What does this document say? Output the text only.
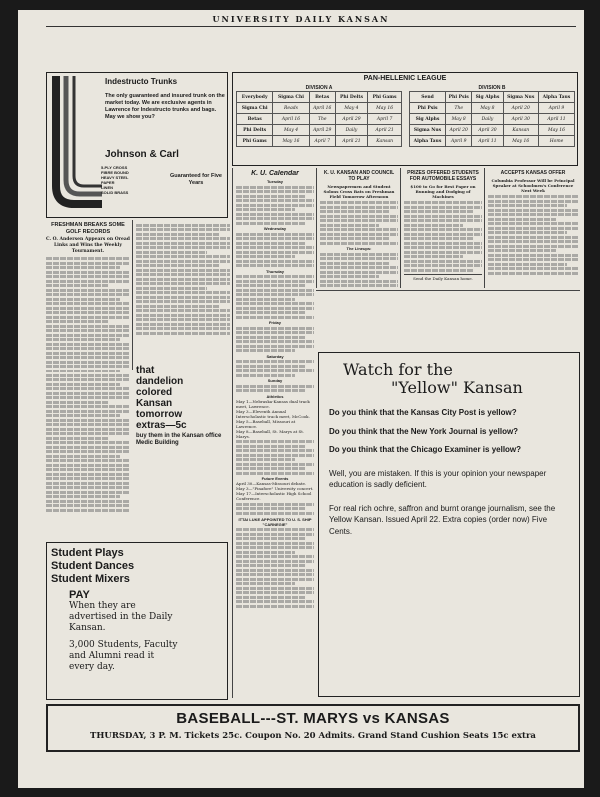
UNIVERSITY DAILY KANSAN
Indestructo Trunks
The only guaranteed and insured trunk on the market today. We are exclusive agents in Lawrence for Indestructo trunks and bags. May we show you?
Johnson & Carl
Guaranteed for Five Years
5-PLY CROSS
FIBRE BOUND
HEAVY STEEL
PAPER
LINEN
SOLID BRASS
PAN-HELLENIC LEAGUE
DIVISION A
Everybody	Sigma Chi	Betas	Phi Delts	Phi Gams
Sigma Chi	Reads	April 16	May 4	May 16
Betas	April 16	The	April 29	April 7
Phi Delts	May 4	April 29	Daily	April 21
Phi Gams	May 16	April 7	April 21	Kansan
DIVISION B
Send	Phi Psis	Sig Alphs	Sigma Nus	Alpha Taus
Phi Psis	The	May 8	April 20	April 9
Sig Alphs	May 8	Daily	April 30	April 11
Sigma Nus	April 20	April 30	Kansan	May 16
Alpha Taus	April 9	April 11	May 16	Home
FRESHMAN BREAKS SOME GOLF RECORDS
C. O. Andersen Appears on Oread Links and Wins the Weekly Tournament.
that
dandelion
colored
Kansan
tomorrow
extras—5c
buy them in the Kansan office Medic Building
Student Plays
Student Dances
Student Mixers
PAY
When they are advertised in the Daily Kansan.
3,000 Students, Faculty and Alumni read it every day.
K. U. Calendar
Tuesday
Wednesday
Thursday
Friday
Saturday
Sunday
Athletics
May 1—Nebraska-Kansas dual track meet, Lawrence.
May 3—Eleventh Annual Interscholastic track meet, McCook.
May 5—Baseball, Missouri at Lawrence.
May 8—Baseball, St. Marys at St. Marys.
Future Events
April 30—Kansas-Missouri debate.
May 3—"Pinafore" University concert.
May 17—Interscholastic High School Conference.
ITTAI LUKE APPOINTED TO U. S. SHIP "CARNEGIE"
K. U. KANSAN AND COUNCIL TO PLAY
Newspapermen and Student Solons Cross Bats on Freshman Field Tomorrow Afternoon
The Lineups:
PRIZES OFFERED STUDENTS FOR AUTOMOBILE ESSAYS
$100 to Go for Best Paper on Running and Dodging of Machines
Send the Daily Kansan home.
ACCEPTS KANSAS OFFER
Columbia Professor Will be Principal Speaker at Schoolmen's Conference Next Week
Watch for the
"Yellow" Kansan

Do you think that the Kansas City Post is yellow?

Do you think that the New York Journal is yellow?

Do you think that the Chicago Examiner is yellow?

Well, you are mistaken. If this is your opinion your newspaper education is sadly deficient.

For real rich ochre, saffron and burnt orange journalism, see the Yellow Kansan. Issued April 22. Extra copies (order now) Five Cents.

BASEBALL---ST. MARYS vs KANSAS
THURSDAY, 3 P. M. Tickets 25c. Coupon No. 20 Admits. Grand Stand Cushion Seats 15c extra
